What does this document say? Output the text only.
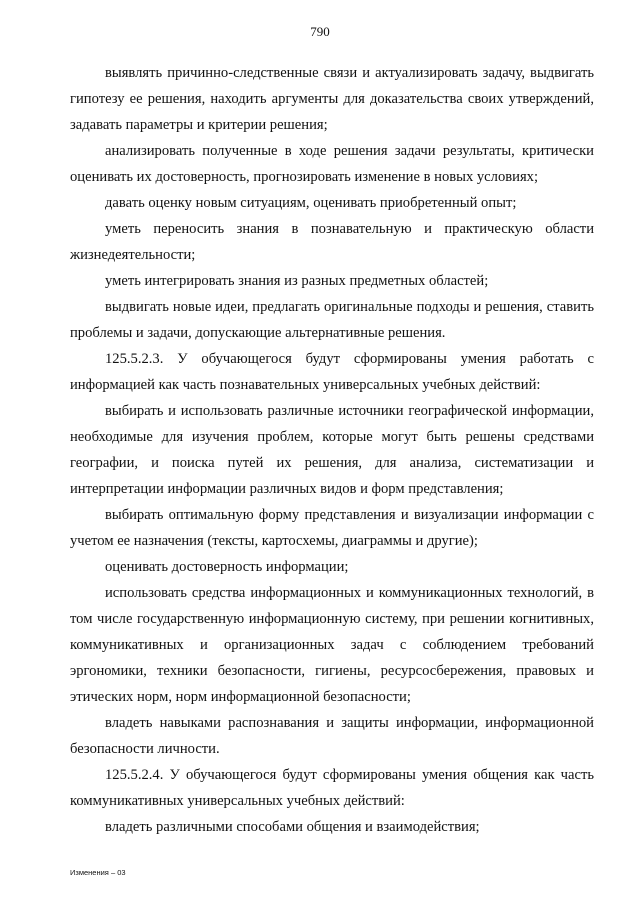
790

выявлять причинно-следственные связи и актуализировать задачу, выдвигать гипотезу ее решения, находить аргументы для доказательства своих утверждений, задавать параметры и критерии решения;

анализировать полученные в ходе решения задачи результаты, критически оценивать их достоверность, прогнозировать изменение в новых условиях;

давать оценку новым ситуациям, оценивать приобретенный опыт;

уметь переносить знания в познавательную и практическую области жизнедеятельности;

уметь интегрировать знания из разных предметных областей;

выдвигать новые идеи, предлагать оригинальные подходы и решения, ставить проблемы и задачи, допускающие альтернативные решения.

125.5.2.3. У обучающегося будут сформированы умения работать с информацией как часть познавательных универсальных учебных действий:

выбирать и использовать различные источники географической информации, необходимые для изучения проблем, которые могут быть решены средствами географии, и поиска путей их решения, для анализа, систематизации и интерпретации информации различных видов и форм представления;

выбирать оптимальную форму представления и визуализации информации с учетом ее назначения (тексты, картосхемы, диаграммы и другие);

оценивать достоверность информации;

использовать средства информационных и коммуникационных технологий, в том числе государственную информационную систему, при решении когнитивных, коммуникативных и организационных задач с соблюдением требований эргономики, техники безопасности, гигиены, ресурсосбережения, правовых и этических норм, норм информационной безопасности;

владеть навыками распознавания и защиты информации, информационной безопасности личности.

125.5.2.4. У обучающегося будут сформированы умения общения как часть коммуникативных универсальных учебных действий:

владеть различными способами общения и взаимодействия;

Изменения – 03
